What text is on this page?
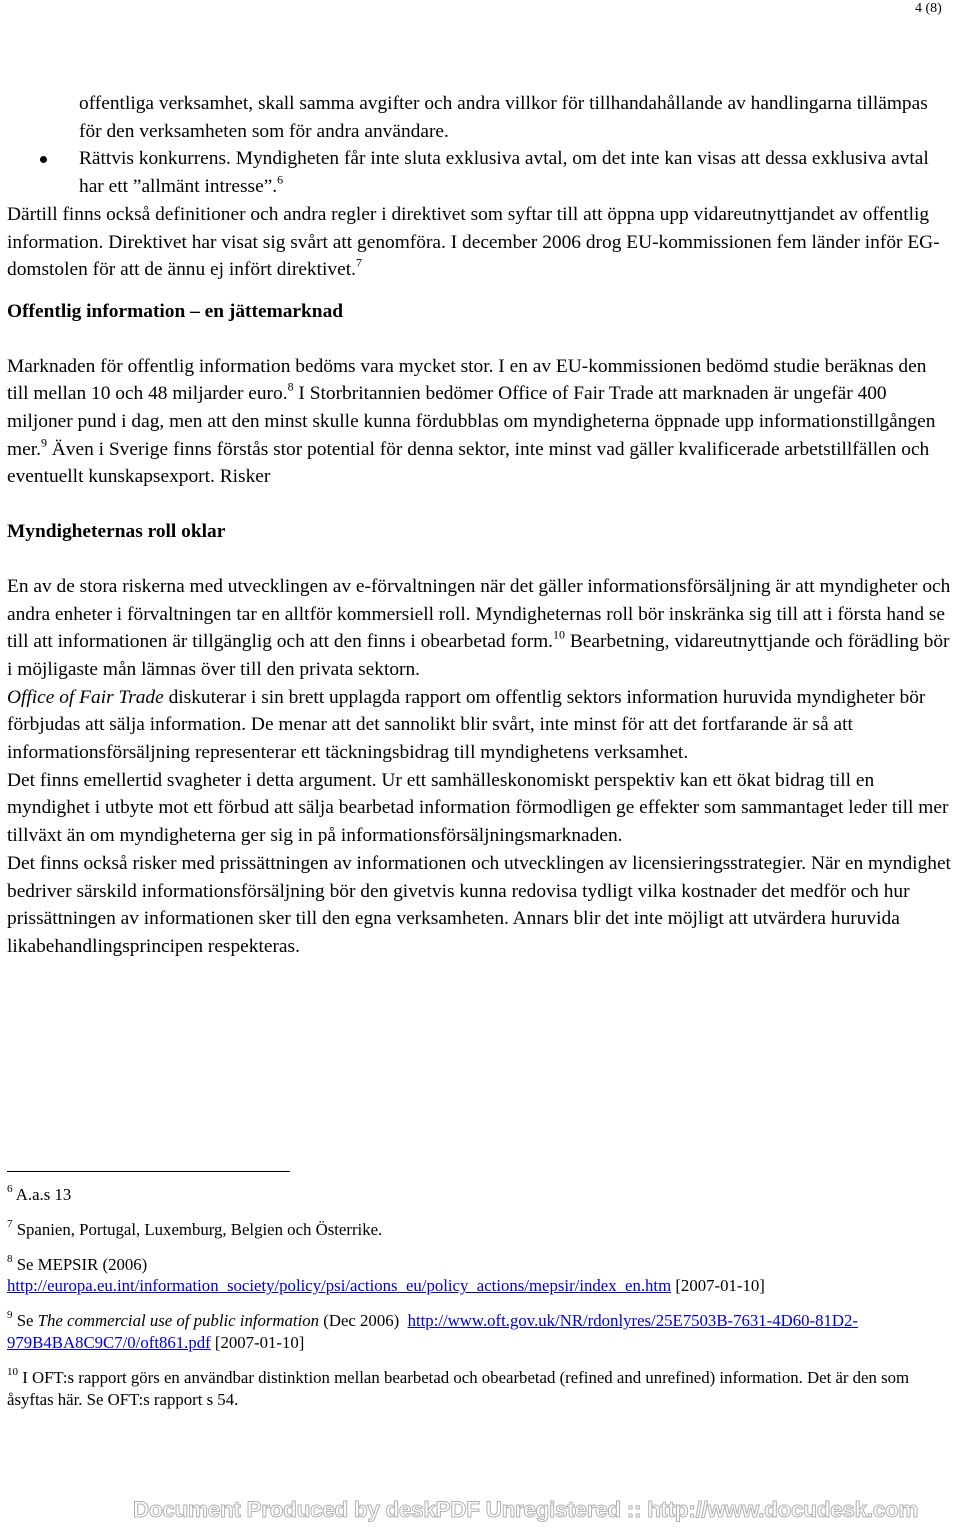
4 (8)

offentliga verksamhet, skall samma avgifter och andra villkor för tillhandahållande av handlingarna tillämpas för den verksamheten som för andra användare.

Rättvis konkurrens. Myndigheten får inte sluta exklusiva avtal, om det inte kan visas att dessa exklusiva avtal har ett ”allmänt intresse”.$^6$

Därtill finns också definitioner och andra regler i direktivet som syftar till att öppna upp vidareutnyttjandet av offentlig information. Direktivet har visat sig svårt att genomföra. I december 2006 drog EU-kommissionen fem länder inför EG-domstolen för att de ännu ej infört direktivet.$^7$

Offentlig information – en jättemarknad

Marknaden för offentlig information bedöms vara mycket stor. I en av EU-kommissionen bedömd studie beräknas den till mellan 10 och 48 miljarder euro.$^8$ I Storbritannien bedömer Office of Fair Trade att marknaden är ungefär 400 miljoner pund i dag, men att den minst skulle kunna fördubblas om myndigheterna öppnade upp informationstillgången mer.$^9$ Även i Sverige finns förstås stor potential för denna sektor, inte minst vad gäller kvalificerade arbetstillfällen och eventuellt kunskapsexport. Risker

Myndigheternas roll oklar

En av de stora riskerna med utvecklingen av e-förvaltningen när det gäller informationsförsäljning är att myndigheter och andra enheter i förvaltningen tar en alltför kommersiell roll. Myndigheternas roll bör inskränka sig till att i första hand se till att informationen är tillgänglig och att den finns i obearbetad form.$^{10}$ Bearbetning, vidareutnyttjande och förädling bör i möjligaste mån lämnas över till den privata sektorn.

Office of Fair Trade diskuterar i sin brett upplagda rapport om offentlig sektors information huruvida myndigheter bör förbjudas att sälja information. De menar att det sannolikt blir svårt, inte minst för att det fortfarande är så att informationsförsäljning representerar ett täckningsbidrag till myndighetens verksamhet.

Det finns emellertid svagheter i detta argument. Ur ett samhälleskonomiskt perspektiv kan ett ökat bidrag till en myndighet i utbyte mot ett förbud att sälja bearbetad information förmodligen ge effekter som sammantaget leder till mer tillväxt än om myndigheterna ger sig in på informationsförsäljningsmarknaden.

Det finns också risker med prissättningen av informationen och utvecklingen av licensieringsstrategier. När en myndighet bedriver särskild informationsförsäljning bör den givetvis kunna redovisa tydligt vilka kostnader det medför och hur prissättningen av informationen sker till den egna verksamheten. Annars blir det inte möjligt att utvärdera huruvida likabehandlingsprincipen respekteras.

$^6$ A.a.s 13

$^7$ Spanien, Portugal, Luxemburg, Belgien och Österrike.

$^8$ Se MEPSIR (2006)
http://europa.eu.int/information_society/policy/psi/actions_eu/policy_actions/mepsir/index_en.htm [2007-01-10]

$^9$ Se The commercial use of public information (Dec 2006)  http://www.oft.gov.uk/NR/rdonlyres/25E7503B-7631-4D60-81D2-979B4BA8C9C7/0/oft861.pdf [2007-01-10]

$^{10}$ I OFT:s rapport görs en användbar distinktion mellan bearbetad och obearbetad (refined and unrefined) information. Det är den som åsyftas här. Se OFT:s rapport s 54.

Document Produced by deskPDF Unregistered :: http://www.docudesk.com
